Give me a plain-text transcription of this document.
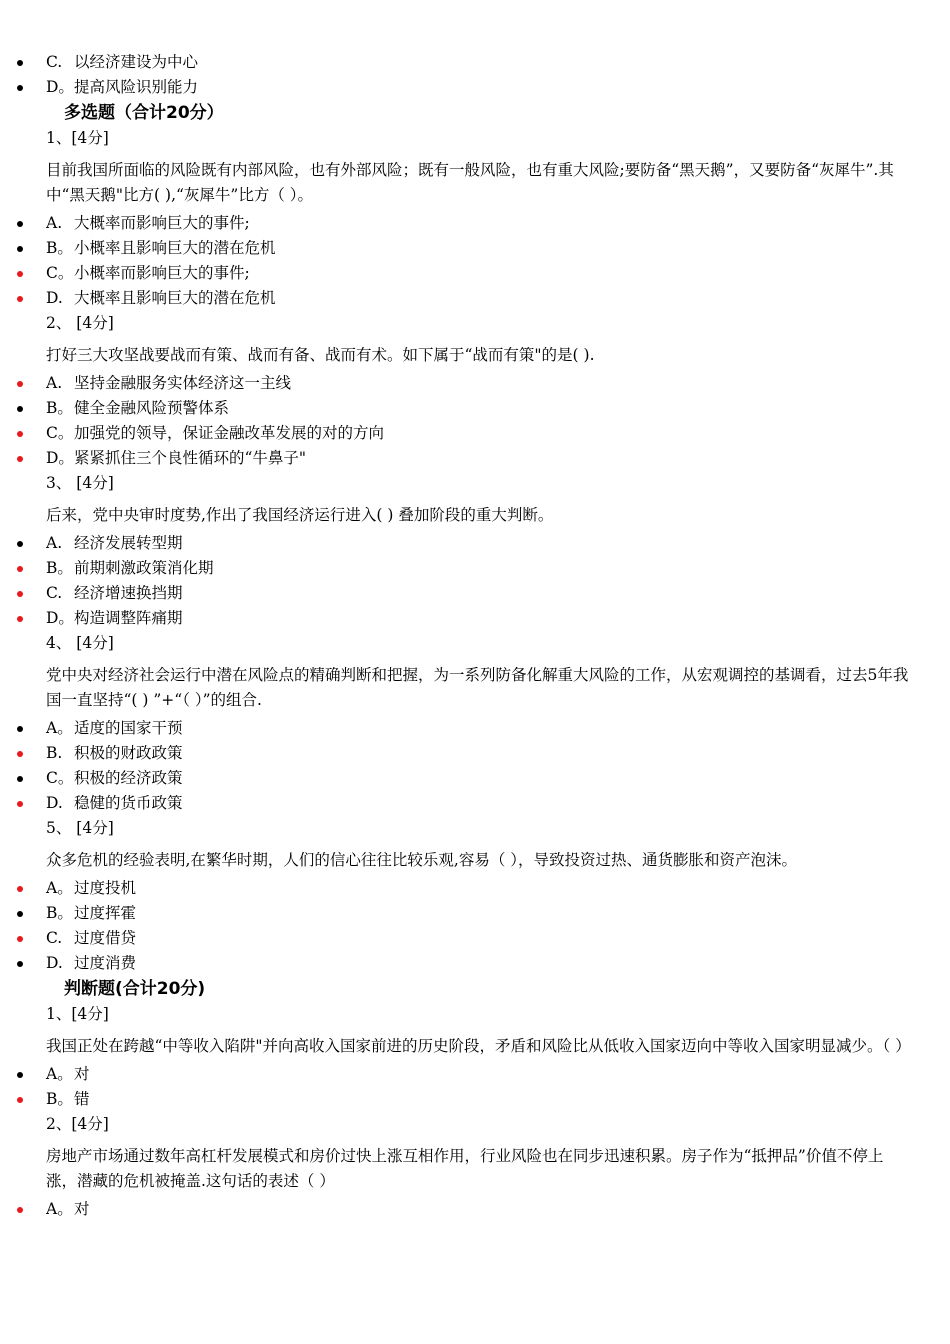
C. 以经济建设为中心
D。提高风险识别能力
多选题（合计20分）
1、[4分]
目前我国所面临的风险既有内部风险，也有外部风险；既有一般风险，也有重大风险;要防备“黑天鹅”，又要防备“灰犀牛”.其中“黑天鹅"比方( ),“灰犀牛”比方（ ）。
A. 大概率而影响巨大的事件;
B。小概率且影响巨大的潜在危机
C。小概率而影响巨大的事件;
D. 大概率且影响巨大的潜在危机
2、 [4分]
打好三大攻坚战要战而有策、战而有备、战而有术。如下属于“战而有策"的是( ).
A. 坚持金融服务实体经济这一主线
B。健全金融风险预警体系
C。加强党的领导，保证金融改革发展的对的方向
D。紧紧抓住三个良性循环的“牛鼻子"
3、 [4分]
后来，党中央审时度势,作出了我国经济运行进入( ) 叠加阶段的重大判断。
A. 经济发展转型期
B。前期刺激政策消化期
C. 经济增速换挡期
D。构造调整阵痛期
4、 [4分]
党中央对经济社会运行中潜在风险点的精确判断和把握，为一系列防备化解重大风险的工作，从宏观调控的基调看，过去5年我国一直坚持“( ) ”+“（ ）”的组合.
A。适度的国家干预
B. 积极的财政政策
C。积极的经济政策
D. 稳健的货币政策
5、 [4分]
众多危机的经验表明,在繁华时期，人们的信心往往比较乐观,容易（ ），导致投资过热、通货膨胀和资产泡沫。
A。过度投机
B。过度挥霍
C. 过度借贷
D. 过度消费
判断题(合计20分)
1、[4分]
我国正处在跨越“中等收入陷阱"并向高收入国家前进的历史阶段，矛盾和风险比从低收入国家迈向中等收入国家明显减少。（ ）
A。对
B。错
2、[4分]
房地产市场通过数年高杠杆发展模式和房价过快上涨互相作用，行业风险也在同步迅速积累。房子作为“抵押品”价值不停上涨，潜藏的危机被掩盖.这句话的表述（ ）
A。对
